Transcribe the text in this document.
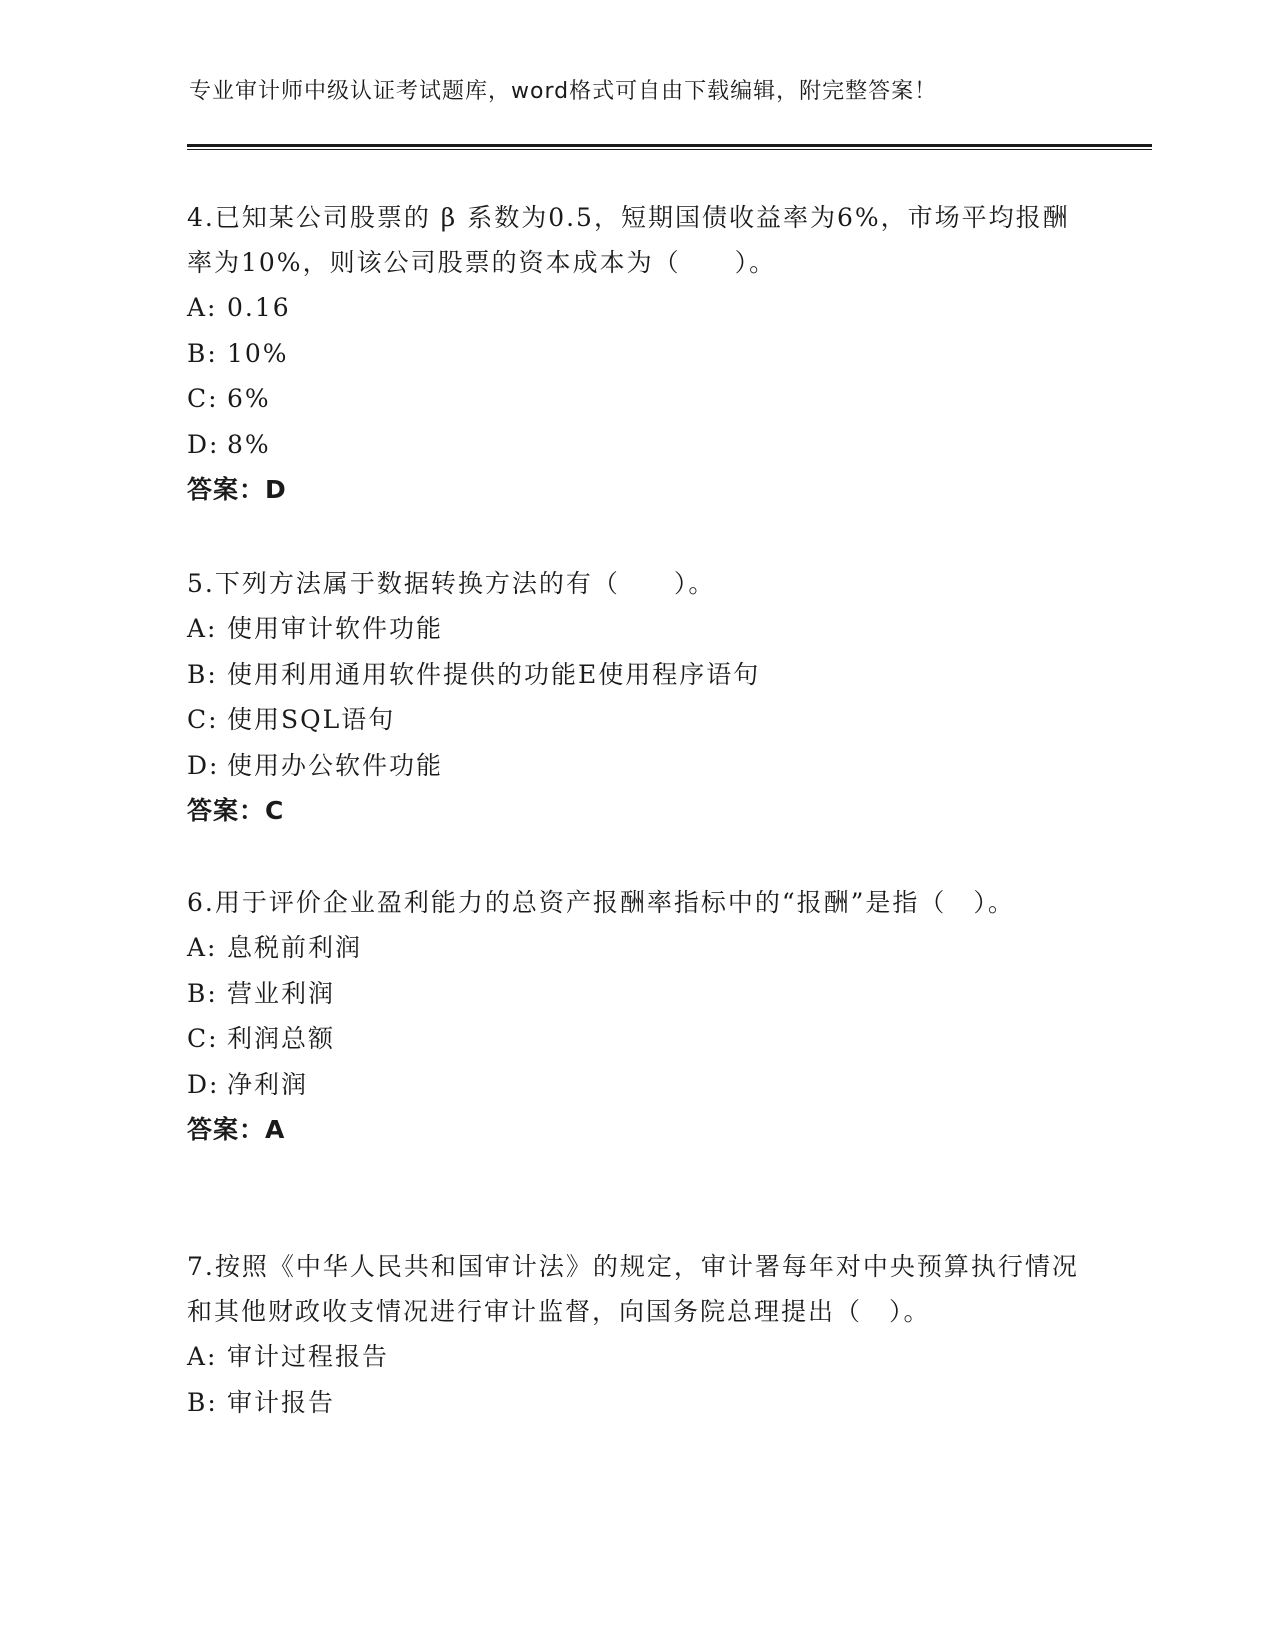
专业审计师中级认证考试题库，word格式可自由下载编辑，附完整答案！
4.已知某公司股票的 β 系数为0.5，短期国债收益率为6%，市场平均报酬率为10%，则该公司股票的资本成本为（　　）。
A: 0.16
B: 10%
C: 6%
D: 8%
答案：D
5.下列方法属于数据转换方法的有（　　）。
A: 使用审计软件功能
B: 使用利用通用软件提供的功能E使用程序语句
C: 使用SQL语句
D: 使用办公软件功能
答案：C
6.用于评价企业盈利能力的总资产报酬率指标中的“报酬”是指（　）。
A: 息税前利润
B: 营业利润
C: 利润总额
D: 净利润
答案：A
7.按照《中华人民共和国审计法》的规定，审计署每年对中央预算执行情况和其他财政收支情况进行审计监督，向国务院总理提出（　）。
A: 审计过程报告
B: 审计报告
